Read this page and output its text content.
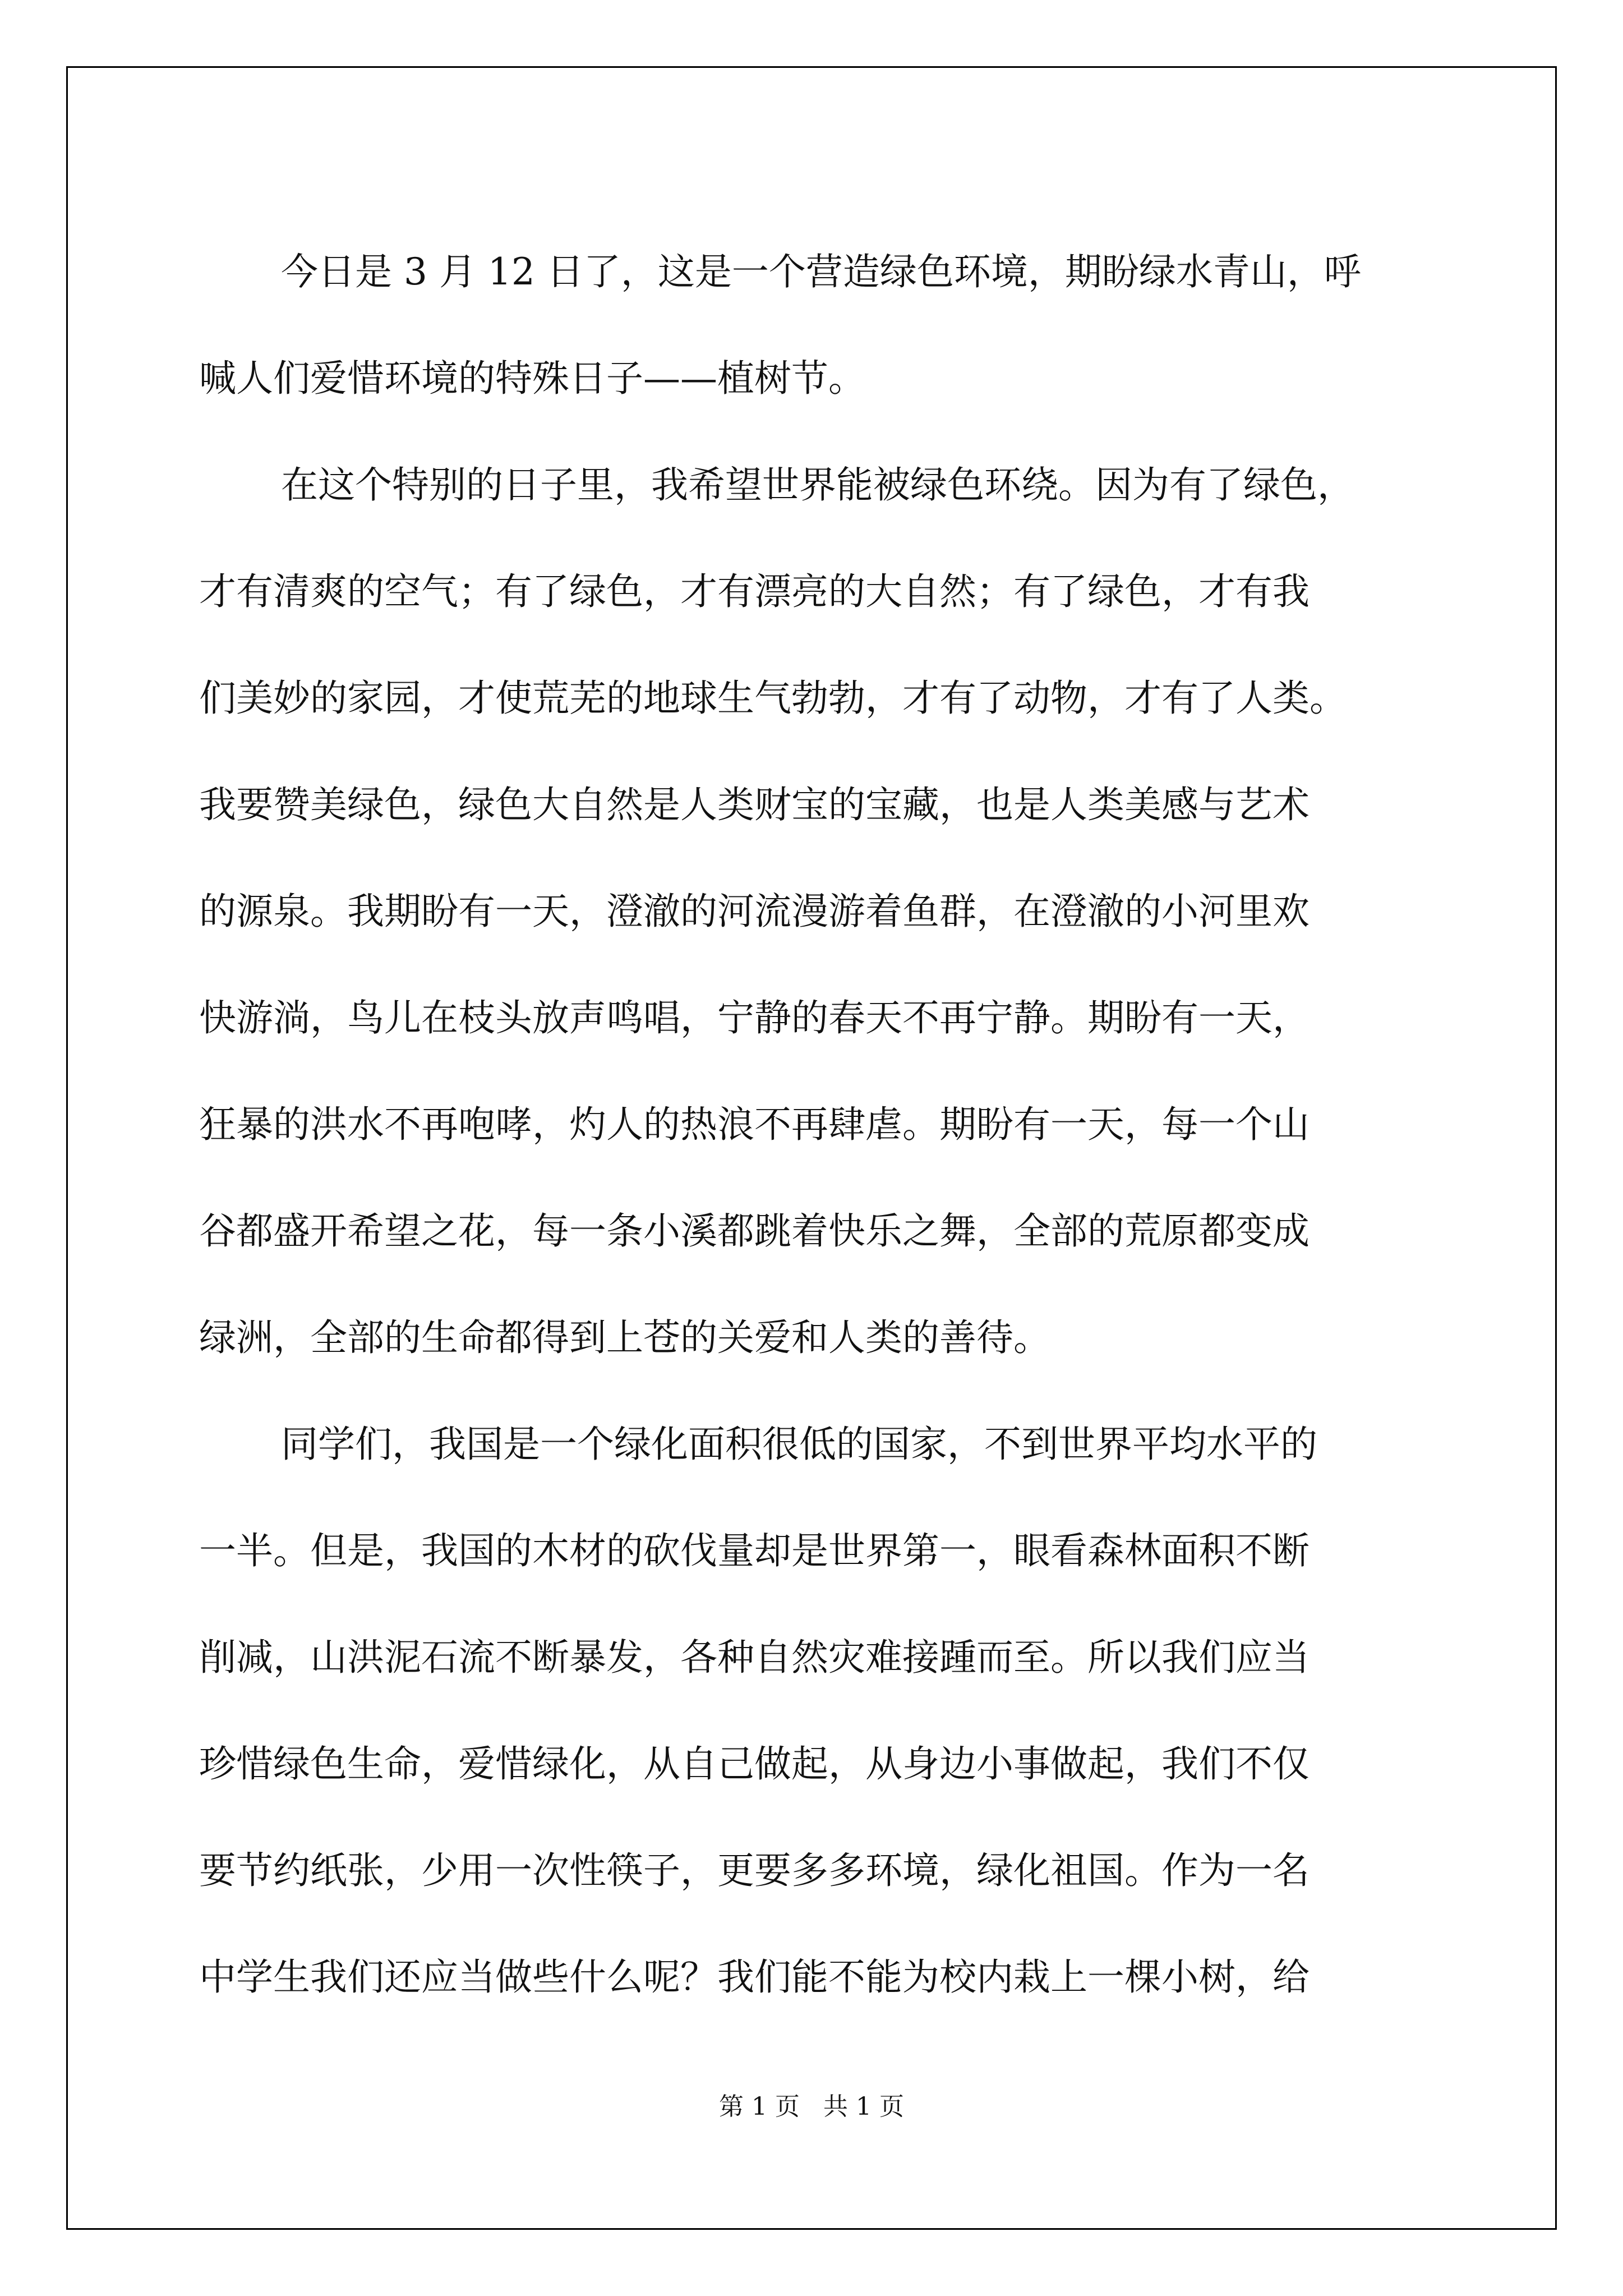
今日是 3 月 12 日了，这是一个营造绿色环境，期盼绿水青山，呼
喊人们爱惜环境的特殊日子——植树节。
在这个特别的日子里，我希望世界能被绿色环绕。因为有了绿色，
才有清爽的空气；有了绿色，才有漂亮的大自然；有了绿色，才有我
们美妙的家园，才使荒芜的地球生气勃勃，才有了动物，才有了人类。
我要赞美绿色，绿色大自然是人类财宝的宝藏，也是人类美感与艺术
的源泉。我期盼有一天，澄澈的河流漫游着鱼群，在澄澈的小河里欢
快游淌，鸟儿在枝头放声鸣唱，宁静的春天不再宁静。期盼有一天，
狂暴的洪水不再咆哮，灼人的热浪不再肆虐。期盼有一天，每一个山
谷都盛开希望之花，每一条小溪都跳着快乐之舞，全部的荒原都变成
绿洲，全部的生命都得到上苍的关爱和人类的善待。
同学们，我国是一个绿化面积很低的国家，不到世界平均水平的
一半。但是，我国的木材的砍伐量却是世界第一，眼看森林面积不断
削减，山洪泥石流不断暴发，各种自然灾难接踵而至。所以我们应当
珍惜绿色生命，爱惜绿化，从自己做起，从身边小事做起，我们不仅
要节约纸张，少用一次性筷子，更要多多环境，绿化祖国。作为一名
中学生我们还应当做些什么呢？我们能不能为校内栽上一棵小树，给
第 1 页 共 1 页
